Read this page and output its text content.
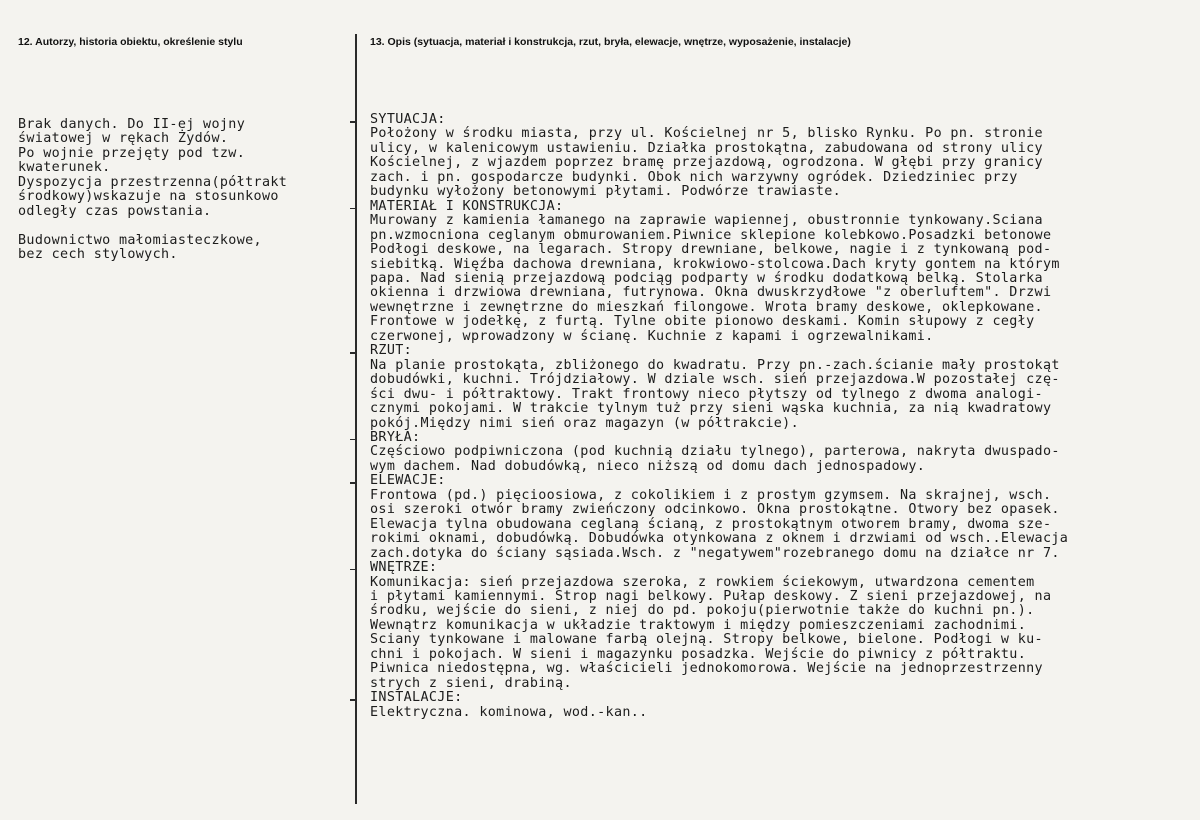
12. Autorzy, historia obiektu, określenie stylu	13. Opis (sytuacja, materiał i konstrukcja, rzut, bryła, elewacje, wnętrze, wyposażenie, instalacje)
Brak danych. Do II-ej wojny
światowej w rękach Żydów.
Po wojnie przejęty pod tzw.
kwaterunek.
Dyspozycja przestrzenna(półtrakt
środkowy)wskazuje na stosunkowo
odległy czas powstania.

Budownictwo małomiasteczkowe,
bez cech stylowych.
SYTUACJA:
Położony w środku miasta, przy ul. Kościelnej nr 5, blisko Rynku. Po pn. stronie
ulicy, w kalenicowym ustawieniu. Działka prostokątna, zabudowana od strony ulicy
Kościelnej, z wjazdem poprzez bramę przejazdową, ogrodzona. W głębi przy granicy
zach. i pn. gospodarcze budynki. Obok nich warzywny ogródek. Dziedziniec przy
budynku wyłożony betonowymi płytami. Podwórze trawiaste.
MATERIAŁ I KONSTRUKCJA:
Murowany z kamienia łamanego na zaprawie wapiennej, obustronnie tynkowany.Sciana
pn.wzmocniona ceglanym obmurowaniem.Piwnice sklepione kolebkowo.Posadzki betonowe
Podłogi deskowe, na legarach. Stropy drewniane, belkowe, nagie i z tynkowaną pod-
siebitką. Więźba dachowa drewniana, krokwiowo-stolcowa.Dach kryty gontem na którym
papa. Nad sienią przejazdową podciąg podparty w środku dodatkową belką. Stolarka
okienna i drzwiowa drewniana, futrynowa. Okna dwuskrzydłowe "z oberluftem". Drzwi
wewnętrzne i zewnętrzne do mieszkań filongowe. Wrota bramy deskowe, oklepkowane.
Frontowe w jodełkę, z furtą. Tylne obite pionowo deskami. Komin słupowy z cegły
czerwonej, wprowadzony w ścianę. Kuchnie z kapami i ogrzewalnikami.
RZUT:
Na planie prostokąta, zbliżonego do kwadratu. Przy pn.-zach.ścianie mały prostokąt
dobudówki, kuchni. Trójdziałowy. W dziale wsch. sień przejazdowa.W pozostałej czę-
ści dwu- i półtraktowy. Trakt frontowy nieco płytszy od tylnego z dwoma analogi-
cznymi pokojami. W trakcie tylnym tuż przy sieni wąska kuchnia, za nią kwadratowy
pokój.Między nimi sień oraz magazyn (w półtrakcie).
BRYŁA:
Częściowo podpiwniczona (pod kuchnią działu tylnego), parterowa, nakryta dwuspado-
wym dachem. Nad dobudówką, nieco niższą od domu dach jednospadowy.
ELEWACJE:
Frontowa (pd.) pięcioosiowa, z cokolikiem i z prostym gzymsem. Na skrajnej, wsch.
osi szeroki otwór bramy zwieńczony odcinkowo. Okna prostokątne. Otwory bez opasek.
Elewacja tylna obudowana ceglaną ścianą, z prostokątnym otworem bramy, dwoma sze-
rokimi oknami, dobudówką. Dobudówka otynkowana z oknem i drzwiami od wsch..Elewacja
zach.dotyka do ściany sąsiada.Wsch. z "negatywem"rozebranego domu na działce nr 7.
WNĘTRZE:
Komunikacja: sień przejazdowa szeroka, z rowkiem ściekowym, utwardzona cementem
i płytami kamiennymi. Strop nagi belkowy. Pułap deskowy. Z sieni przejazdowej, na
środku, wejście do sieni, z niej do pd. pokoju(pierwotnie także do kuchni pn.).
Wewnątrz komunikacja w układzie traktowym i między pomieszczeniami zachodnimi.
Sciany tynkowane i malowane farbą olejną. Stropy belkowe, bielone. Podłogi w ku-
chni i pokojach. W sieni i magazynku posadzka. Wejście do piwnicy z półtraktu.
Piwnica niedostępna, wg. właścicieli jednokomorowa. Wejście na jednoprzestrzenny
strych z sieni, drabiną.
INSTALACJE:
Elektryczna. kominowa, wod.-kan..
